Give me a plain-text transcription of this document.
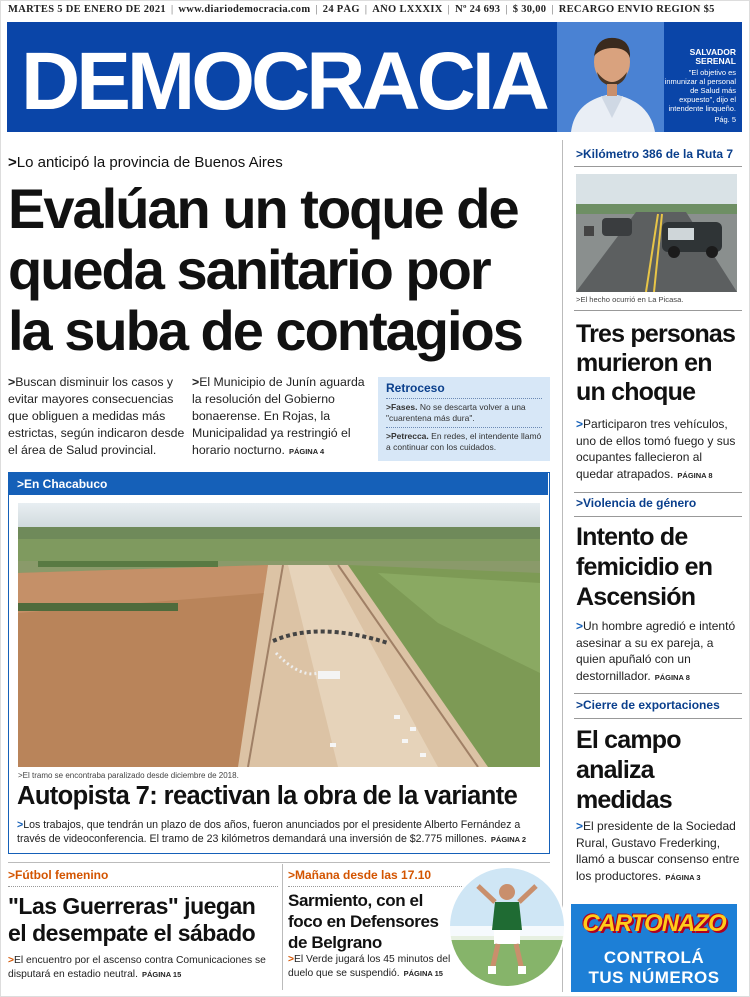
MARTES 5 DE ENERO DE 2021 | www.diariodemocracia.com | 24 PÁG | AÑO LXXXIX | Nº 24 693 | $ 30,00 | RECARGO ENVÍO REGIÓN $5
DEMOCRACIA	SALVADOR
SERENAL
"El objetivo es inmunizar al personal de Salud más expuesto", dijo el intendente linqueño.
Pág. 5
>Lo anticipó la provincia de Buenos Aires
Evalúan un toque de
queda sanitario por
la suba de contagios
>Buscan disminuir los casos y evitar mayores consecuencias que obliguen a medidas más estrictas, según indicaron desde el área de Salud provincial.
>El Municipio de Junín aguarda la resolución del Gobierno bonaerense. En Rojas, la Municipalidad ya restringió el horario nocturno. PÁGINA 4
Retroceso
>Fases. No se descarta volver a una "cuarentena más dura".
>Petrecca. En redes, el intendente llamó a continuar con los cuidados.
>En Chacabuco
>El tramo se encontraba paralizado desde diciembre de 2018.
Autopista 7: reactivan la obra de la variante
>Los trabajos, que tendrán un plazo de dos años, fueron anunciados por el presidente Alberto Fernández a través de videoconferencia. El tramo de 23 kilómetros demandará una inversión de $2.775 millones. PÁGINA 2
>Fútbol femenino
"Las Guerreras" juegan el desempate el sábado
>El encuentro por el ascenso contra Comunicaciones se disputará en estadio neutral. PÁGINA 15
>Mañana desde las 17.10
Sarmiento, con el foco en Defensores de Belgrano
>El Verde jugará los 45 minutos del duelo que se suspendió. PÁGINA 15
>Kilómetro 386 de la Ruta 7
>El hecho ocurrió en La Picasa.
Tres personas murieron en un choque
>Participaron tres vehículos, uno de ellos tomó fuego y sus ocupantes fallecieron al quedar atrapados. PÁGINA 8
>Violencia de género
Intento de femicidio en Ascensión
>Un hombre agredió e intentó asesinar a su ex pareja, a quien apuñaló con un destornillador. PÁGINA 8
>Cierre de exportaciones
El campo analiza medidas
>El presidente de la Sociedad Rural, Gustavo Frederking, llamó a buscar consenso entre los productores. PÁGINA 3
CARTONAZO
CONTROLÁ
TUS NÚMEROS
